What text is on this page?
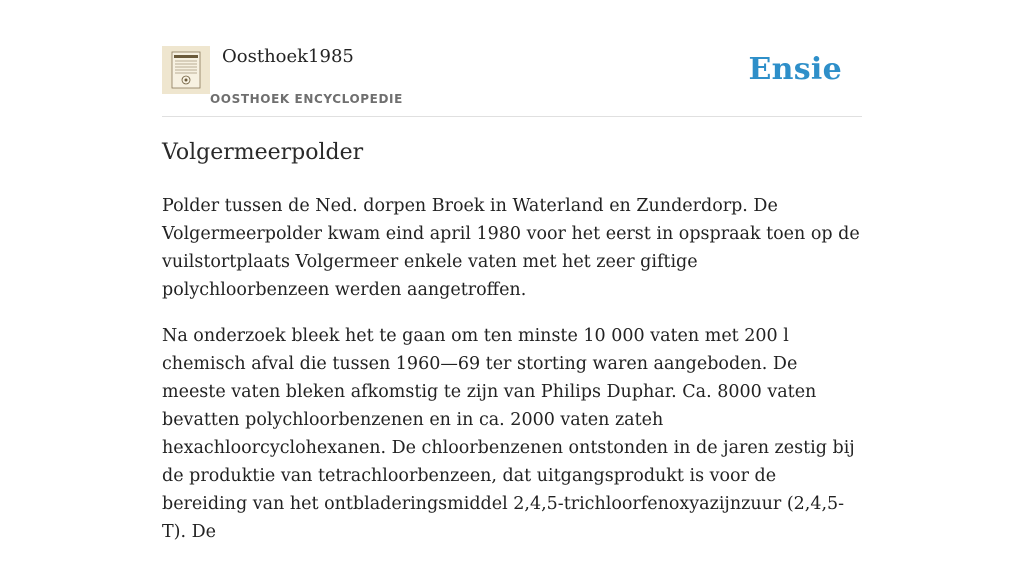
Oosthoek1985
OOSTHOEK ENCYCLOPEDIE
Ensie
Volgermeerpolder

Polder tussen de Ned. dorpen Broek in Waterland en Zunderdorp. De Volgermeerpolder kwam eind april 1980 voor het eerst in opspraak toen op de vuilstortplaats Volgermeer enkele vaten met het zeer giftige polychloorbenzeen werden aangetroffen.

Na onderzoek bleek het te gaan om ten minste 10 000 vaten met 200 l chemisch afval die tussen 1960—69 ter storting waren aangeboden. De meeste vaten bleken afkomstig te zijn van Philips Duphar. Ca. 8000 vaten bevatten polychloorbenzenen en in ca. 2000 vaten zateh hexachloorcyclohexanen. De chloorbenzenen ontstonden in de jaren zestig bij de produktie van tetrachloorbenzeen, dat uitgangsprodukt is voor de bereiding van het ontbladeringsmiddel 2,4,5-trichloorfenoxyazijnzuur (2,4,5-T). De
